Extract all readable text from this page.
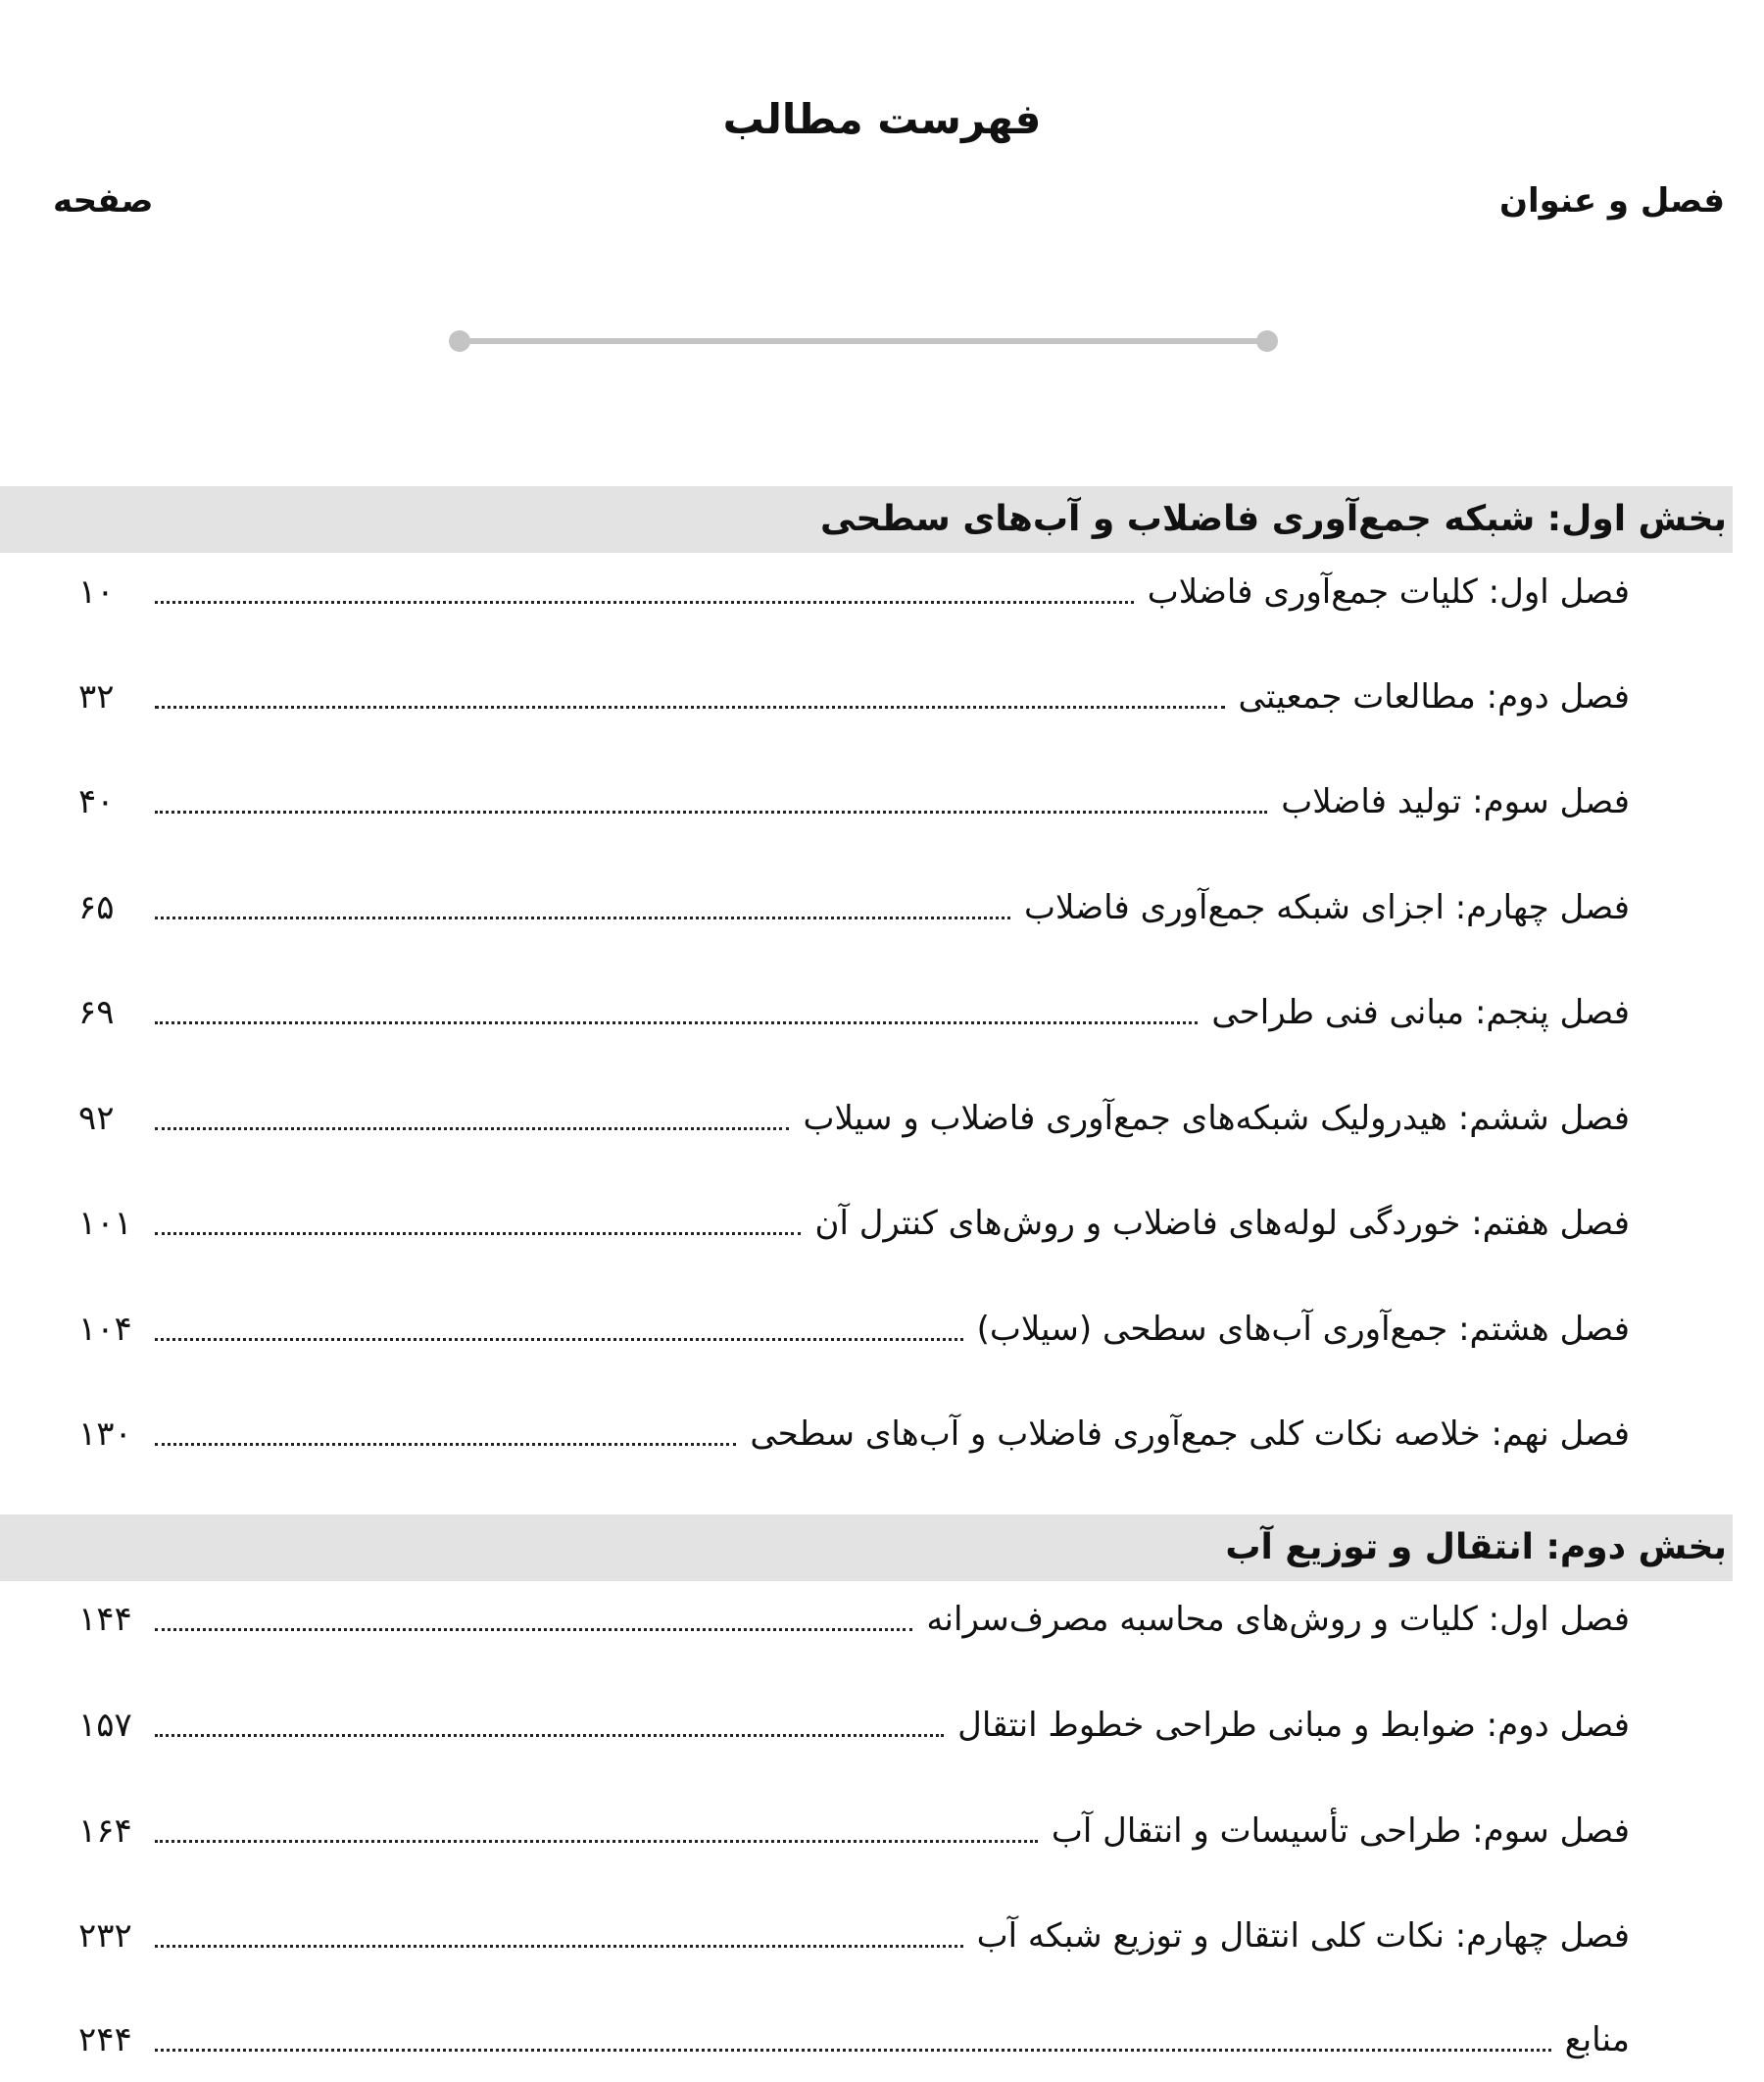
فهرست مطالب
فصل و عنوان
صفحه
بخش اول: شبکه جمع‌آوری فاضلاب و آب‌های سطحی
فصل اول: کلیات جمع‌آوری فاضلاب
۱۰
فصل دوم: مطالعات جمعیتی
۳۲
فصل سوم: تولید فاضلاب
۴۰
فصل چهارم: اجزای شبکه جمع‌آوری فاضلاب
۶۵
فصل پنجم: مبانی فنی طراحی
۶۹
فصل ششم: هیدرولیک شبکه‌های جمع‌آوری فاضلاب و سیلاب
۹۲
فصل هفتم: خوردگی لوله‌های فاضلاب و روش‌های کنترل آن
۱۰۱
فصل هشتم: جمع‌آوری آب‌های سطحی (سیلاب)
۱۰۴
فصل نهم: خلاصه نکات کلی جمع‌آوری فاضلاب و آب‌های سطحی
۱۳۰
بخش دوم: انتقال و توزیع آب
فصل اول: کلیات و روش‌های محاسبه مصرف‌سرانه
۱۴۴
فصل دوم: ضوابط و مبانی طراحی خطوط انتقال
۱۵۷
فصل سوم: طراحی تأسیسات و انتقال آب
۱۶۴
فصل چهارم: نکات کلی انتقال و توزیع شبکه آب
۲۳۲
منابع
۲۴۴
